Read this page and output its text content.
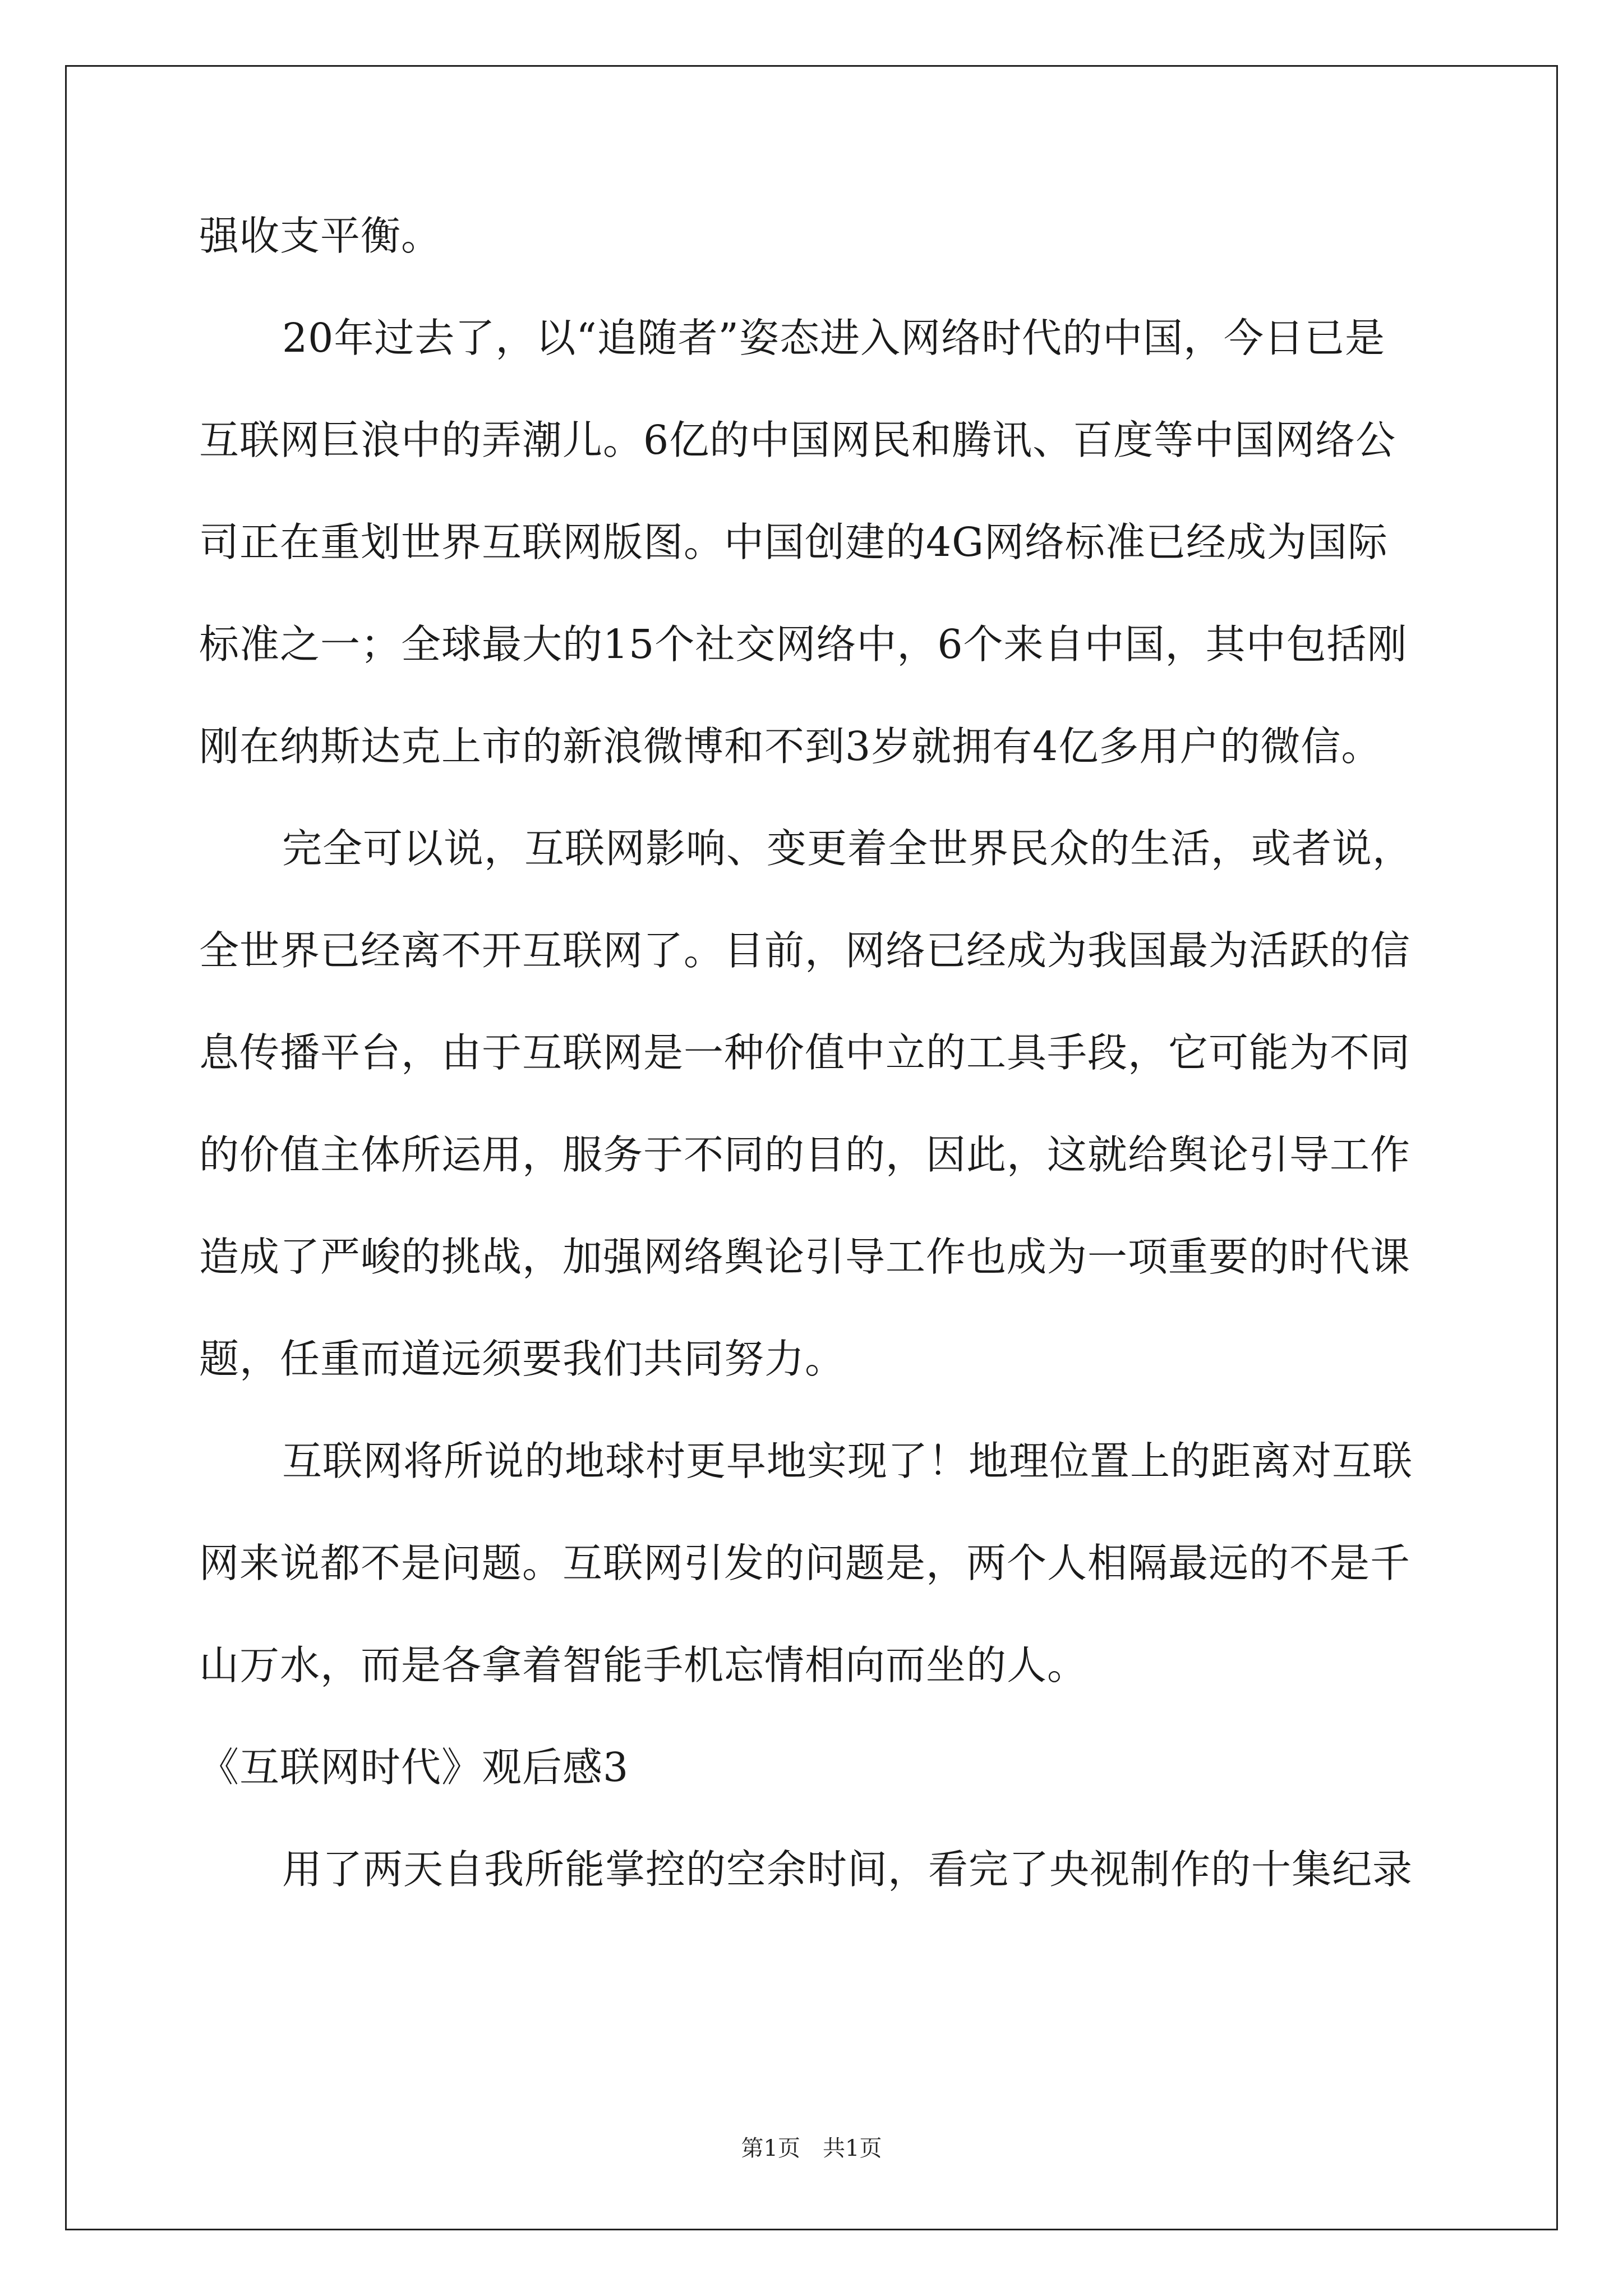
强收支平衡。
20年过去了，以“追随者”姿态进入网络时代的中国，今日已是
互联网巨浪中的弄潮儿。6亿的中国网民和腾讯、百度等中国网络公
司正在重划世界互联网版图。中国创建的4G网络标准已经成为国际
标准之一；全球最大的15个社交网络中，6个来自中国，其中包括刚
刚在纳斯达克上市的新浪微博和不到3岁就拥有4亿多用户的微信。
完全可以说，互联网影响、变更着全世界民众的生活，或者说，
全世界已经离不开互联网了。目前，网络已经成为我国最为活跃的信
息传播平台，由于互联网是一种价值中立的工具手段，它可能为不同
的价值主体所运用，服务于不同的目的，因此，这就给舆论引导工作
造成了严峻的挑战，加强网络舆论引导工作也成为一项重要的时代课
题，任重而道远须要我们共同努力。
互联网将所说的地球村更早地实现了！地理位置上的距离对互联
网来说都不是问题。互联网引发的问题是，两个人相隔最远的不是千
山万水，而是各拿着智能手机忘情相向而坐的人。
《互联网时代》观后感3
用了两天自我所能掌控的空余时间，看完了央视制作的十集纪录
第1页　共1页
